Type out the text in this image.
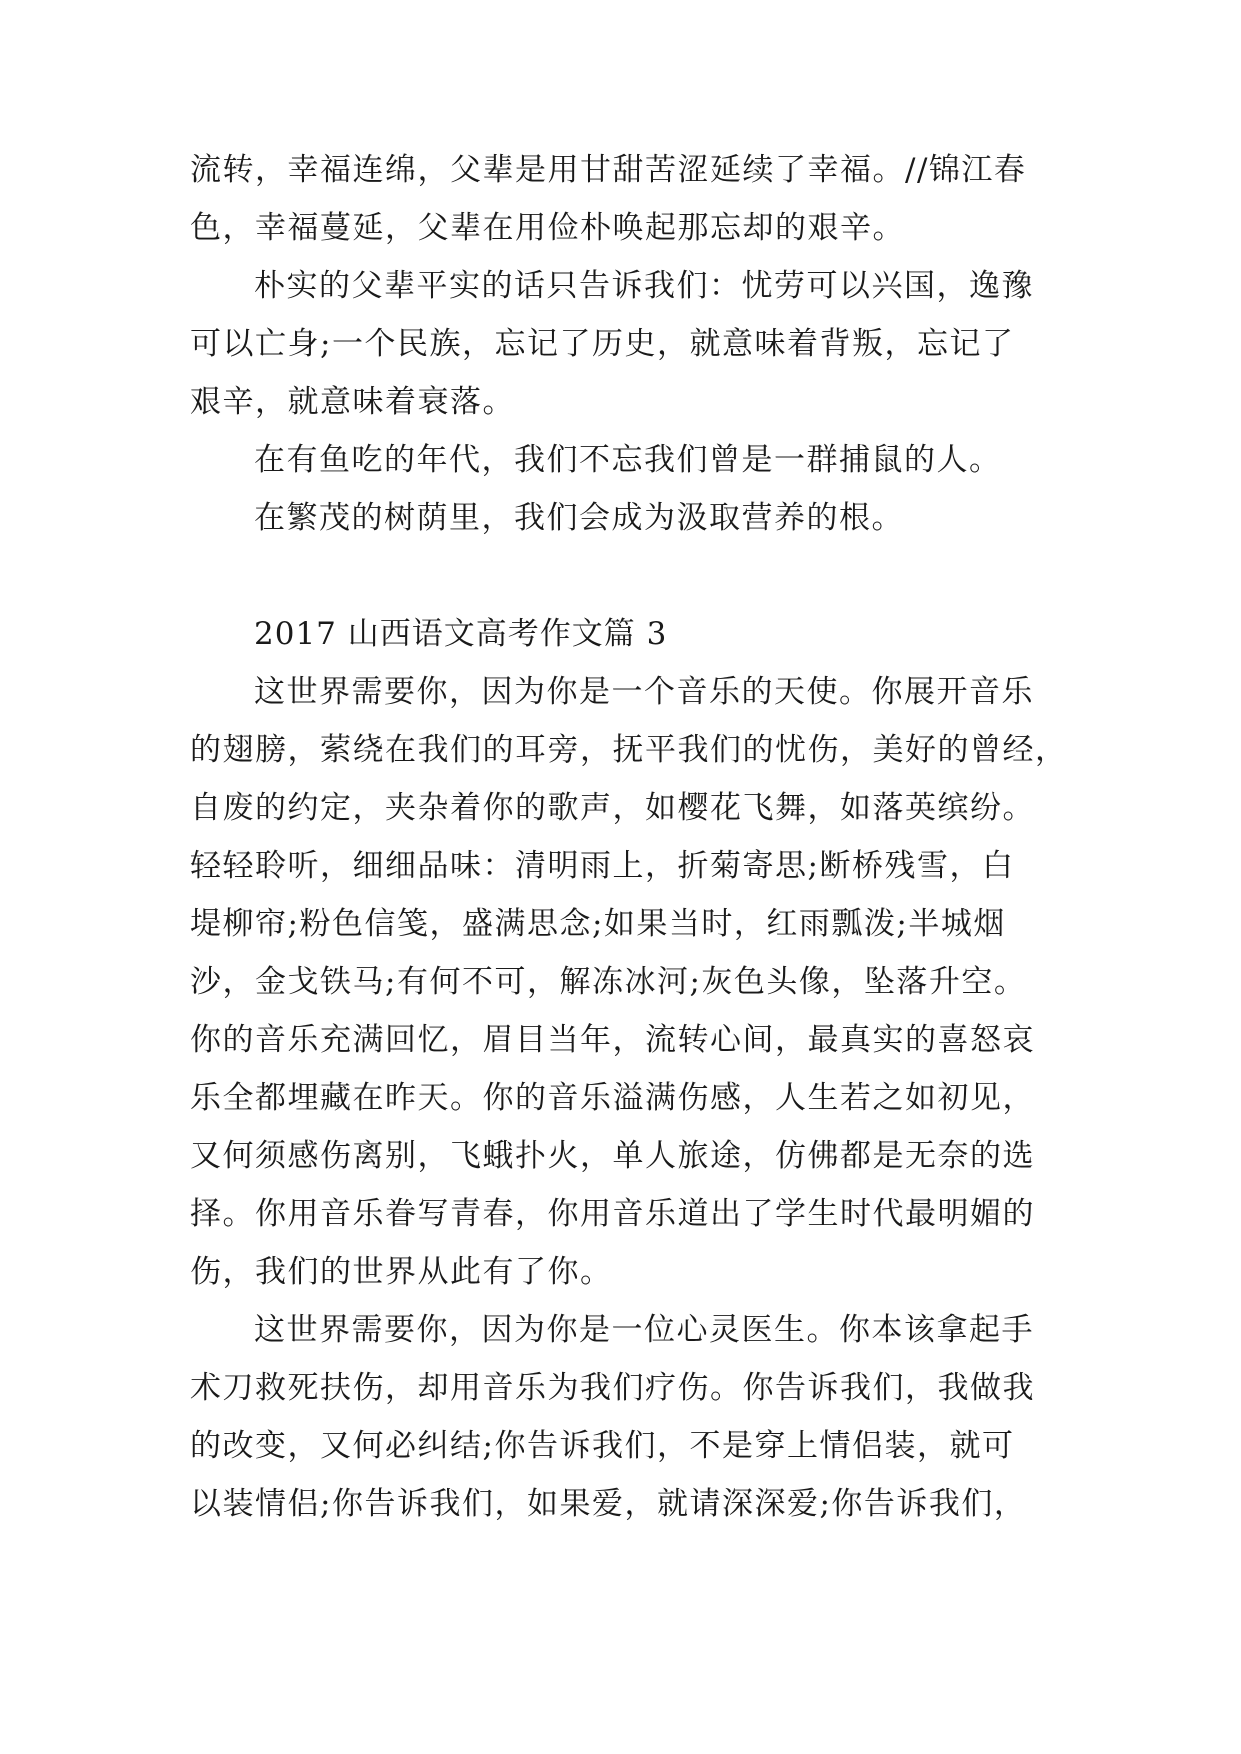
流转，幸福连绵，父辈是用甘甜苦涩延续了幸福。//锦江春
色，幸福蔓延，父辈在用俭朴唤起那忘却的艰辛。
朴实的父辈平实的话只告诉我们：忧劳可以兴国，逸豫
可以亡身;一个民族，忘记了历史，就意味着背叛，忘记了
艰辛，就意味着衰落。
在有鱼吃的年代，我们不忘我们曾是一群捕鼠的人。
在繁茂的树荫里，我们会成为汲取营养的根。
2017 山西语文高考作文篇 3
这世界需要你，因为你是一个音乐的天使。你展开音乐
的翅膀，萦绕在我们的耳旁，抚平我们的忧伤，美好的曾经，
自废的约定，夹杂着你的歌声，如樱花飞舞，如落英缤纷。
轻轻聆听，细细品味：清明雨上，折菊寄思;断桥残雪，白
堤柳帘;粉色信笺，盛满思念;如果当时，红雨瓢泼;半城烟
沙，金戈铁马;有何不可，解冻冰河;灰色头像，坠落升空。
你的音乐充满回忆，眉目当年，流转心间，最真实的喜怒哀
乐全都埋藏在昨天。你的音乐溢满伤感，人生若之如初见，
又何须感伤离别，飞蛾扑火，单人旅途，仿佛都是无奈的选
择。你用音乐眷写青春，你用音乐道出了学生时代最明媚的
伤，我们的世界从此有了你。
这世界需要你，因为你是一位心灵医生。你本该拿起手
术刀救死扶伤，却用音乐为我们疗伤。你告诉我们，我做我
的改变，又何必纠结;你告诉我们，不是穿上情侣装，就可
以装情侣;你告诉我们，如果爱，就请深深爱;你告诉我们，
